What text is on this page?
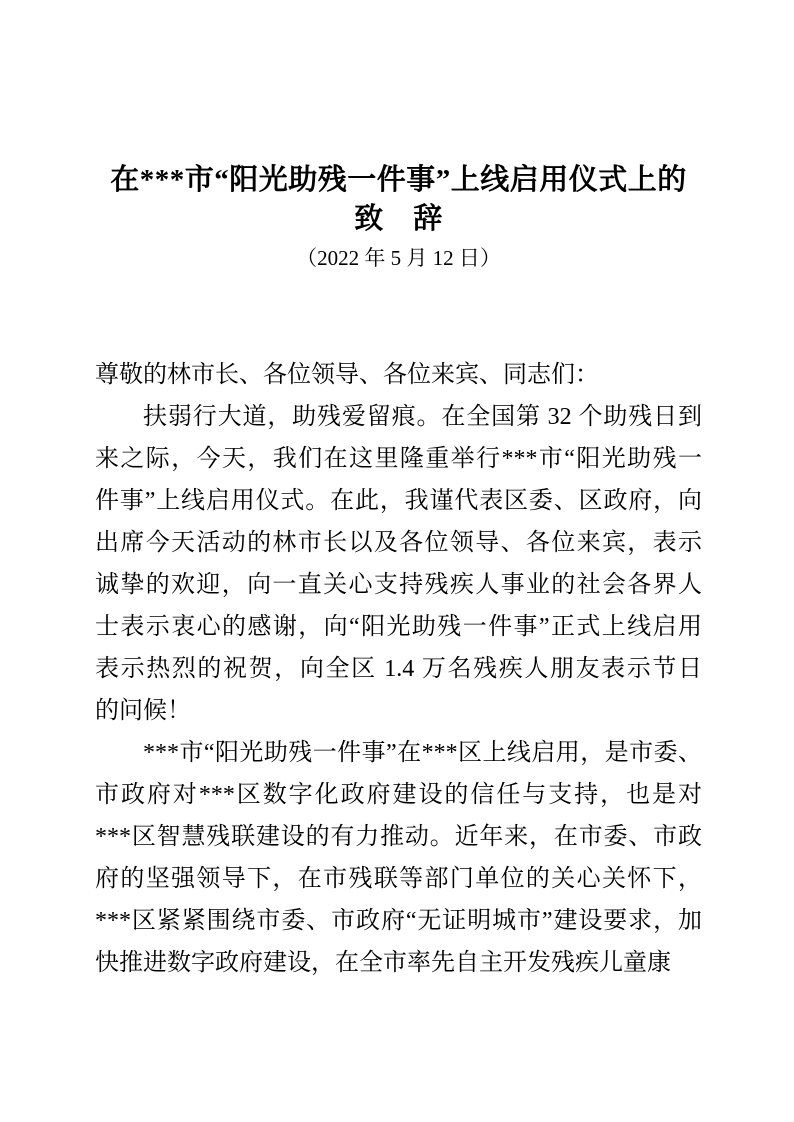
在***市“阳光助残一件事”上线启用仪式上的
致　辞
（2022 年 5 月 12 日）
尊敬的林市长、各位领导、各位来宾、同志们：
扶弱行大道，助残爱留痕。在全国第 32 个助残日到
来之际，今天，我们在这里隆重举行***市“阳光助残一
件事”上线启用仪式。在此，我谨代表区委、区政府，向
出席今天活动的林市长以及各位领导、各位来宾，表示
诚挚的欢迎，向一直关心支持残疾人事业的社会各界人
士表示衷心的感谢，向“阳光助残一件事”正式上线启用
表示热烈的祝贺，向全区 1.4 万名残疾人朋友表示节日
的问候！
***市“阳光助残一件事”在***区上线启用，是市委、
市政府对***区数字化政府建设的信任与支持，也是对
***区智慧残联建设的有力推动。近年来，在市委、市政
府的坚强领导下，在市残联等部门单位的关心关怀下，
***区紧紧围绕市委、市政府“无证明城市”建设要求，加
快推进数字政府建设，在全市率先自主开发残疾儿童康
